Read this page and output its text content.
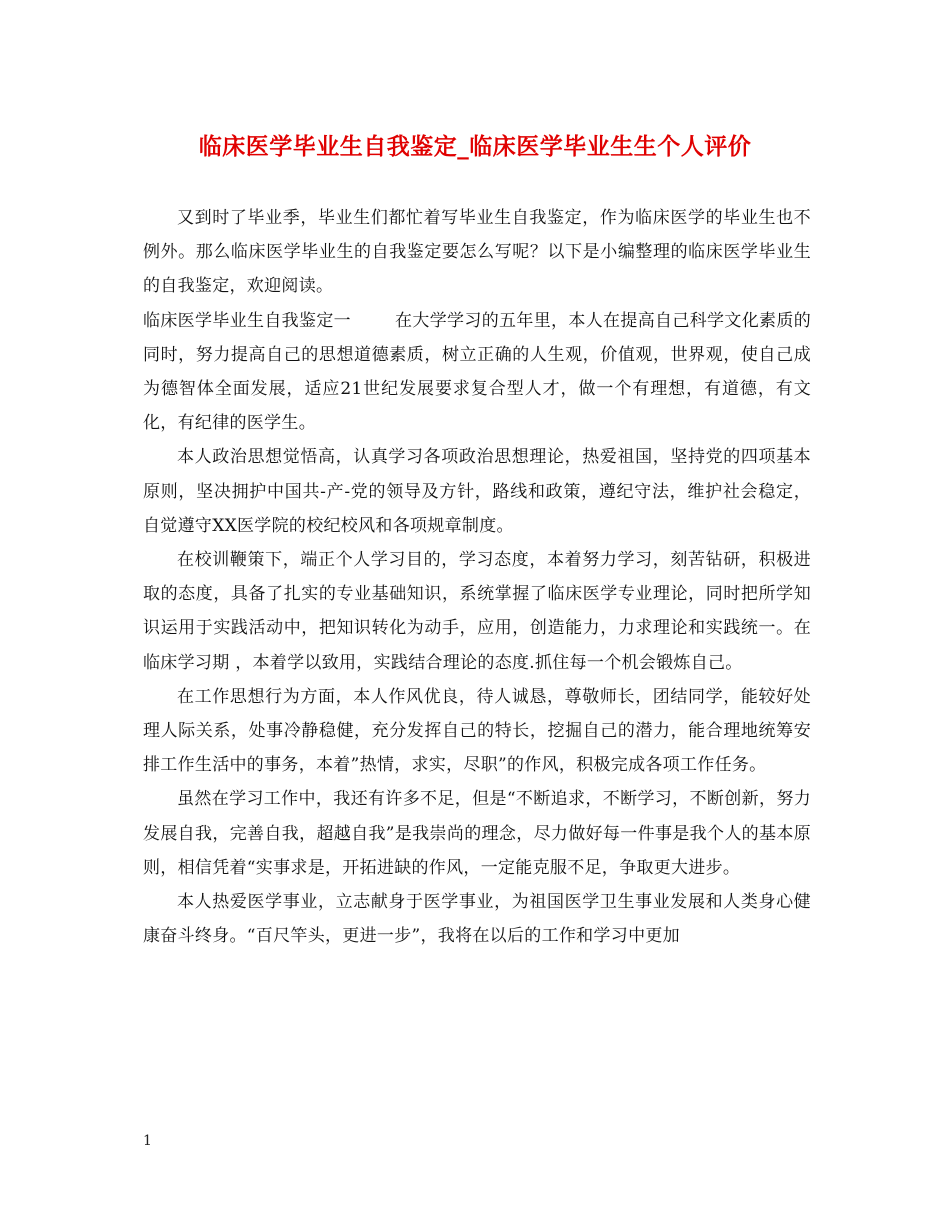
临床医学毕业生自我鉴定_临床医学毕业生生个人评价

又到时了毕业季，毕业生们都忙着写毕业生自我鉴定，作为临床医学的毕业生也不例外。那么临床医学毕业生的自我鉴定要怎么写呢？以下是小编整理的临床医学毕业生的自我鉴定，欢迎阅读。

临床医学毕业生自我鉴定一	在大学学习的五年里，本人在提高自己科学文化素质的同时，努力提高自己的思想道德素质，树立正确的人生观，价值观，世界观，使自己成为德智体全面发展，适应21世纪发展要求复合型人才，做一个有理想，有道德，有文化，有纪律的医学生。

本人政治思想觉悟高，认真学习各项政治思想理论，热爱祖国，坚持党的四项基本原则，坚决拥护中国共-产-党的领导及方针，路线和政策，遵纪守法，维护社会稳定，自觉遵守XX医学院的校纪校风和各项规章制度。

在校训鞭策下，端正个人学习目的，学习态度，本着努力学习，刻苦钻研，积极进取的态度，具备了扎实的专业基础知识，系统掌握了临床医学专业理论，同时把所学知识运用于实践活动中，把知识转化为动手，应用，创造能力，力求理论和实践统一。在临床学习期 ，本着学以致用，实践结合理论的态度.抓住每一个机会锻炼自己。

在工作思想行为方面，本人作风优良，待人诚恳，尊敬师长，团结同学，能较好处理人际关系，处事冷静稳健，充分发挥自己的特长，挖掘自己的潜力，能合理地统筹安排工作生活中的事务，本着”热情，求实，尽职”的作风，积极完成各项工作任务。

虽然在学习工作中，我还有许多不足，但是“不断追求，不断学习，不断创新，努力发展自我，完善自我，超越自我”是我崇尚的理念，尽力做好每一件事是我个人的基本原则，相信凭着“实事求是，开拓进缺的作风，一定能克服不足，争取更大进步。

本人热爱医学事业，立志献身于医学事业，为祖国医学卫生事业发展和人类身心健康奋斗终身。“百尺竿头，更进一步”，我将在以后的工作和学习中更加

1
